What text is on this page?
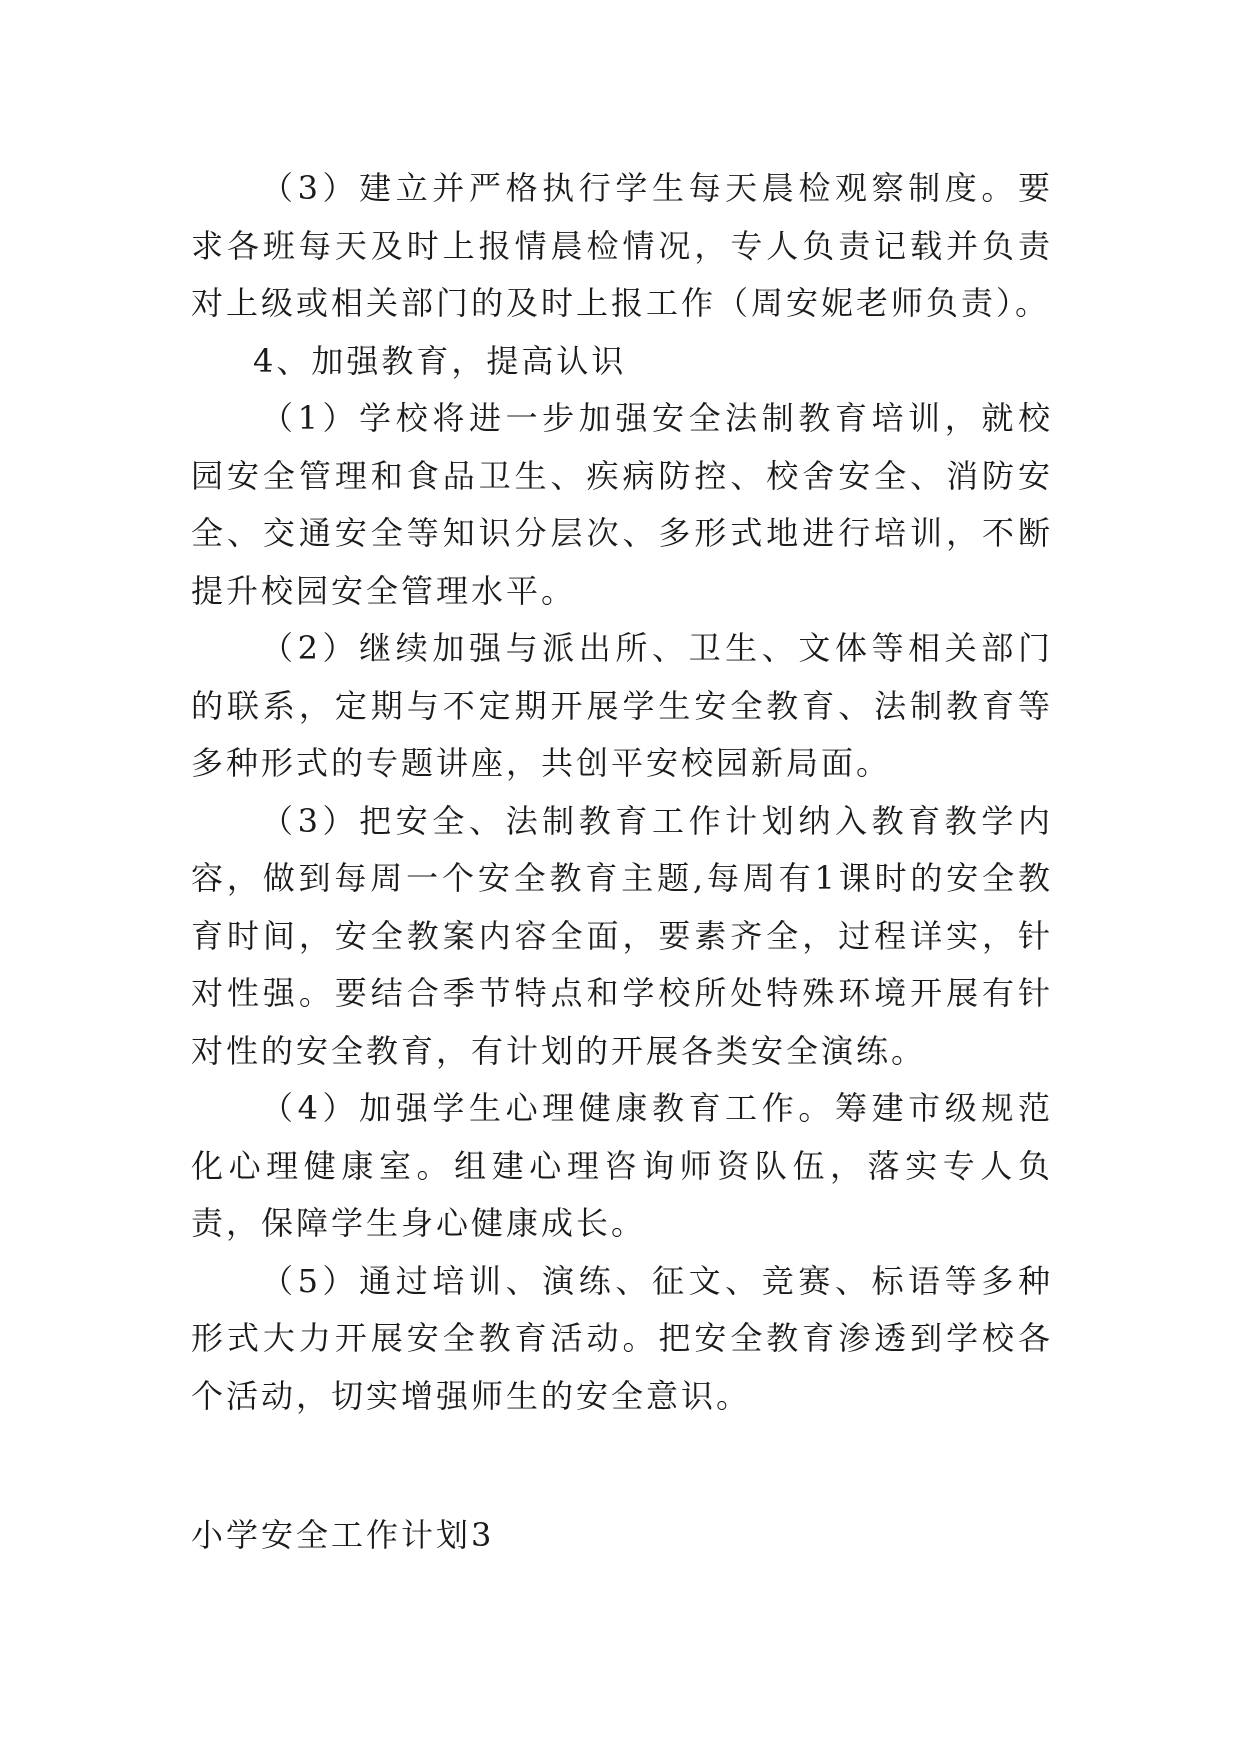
（3）建立并严格执行学生每天晨检观察制度。要求各班每天及时上报情晨检情况，专人负责记载并负责对上级或相关部门的及时上报工作（周安妮老师负责）。

4、加强教育，提高认识

（1）学校将进一步加强安全法制教育培训，就校园安全管理和食品卫生、疾病防控、校舍安全、消防安全、交通安全等知识分层次、多形式地进行培训，不断提升校园安全管理水平。

（2）继续加强与派出所、卫生、文体等相关部门的联系，定期与不定期开展学生安全教育、法制教育等多种形式的专题讲座，共创平安校园新局面。

（3）把安全、法制教育工作计划纳入教育教学内容，做到每周一个安全教育主题,每周有1课时的安全教育时间，安全教案内容全面，要素齐全，过程详实，针对性强。要结合季节特点和学校所处特殊环境开展有针对性的安全教育，有计划的开展各类安全演练。

（4）加强学生心理健康教育工作。筹建市级规范化心理健康室。组建心理咨询师资队伍，落实专人负责，保障学生身心健康成长。

（5）通过培训、演练、征文、竞赛、标语等多种形式大力开展安全教育活动。把安全教育渗透到学校各个活动，切实增强师生的安全意识。

小学安全工作计划3
